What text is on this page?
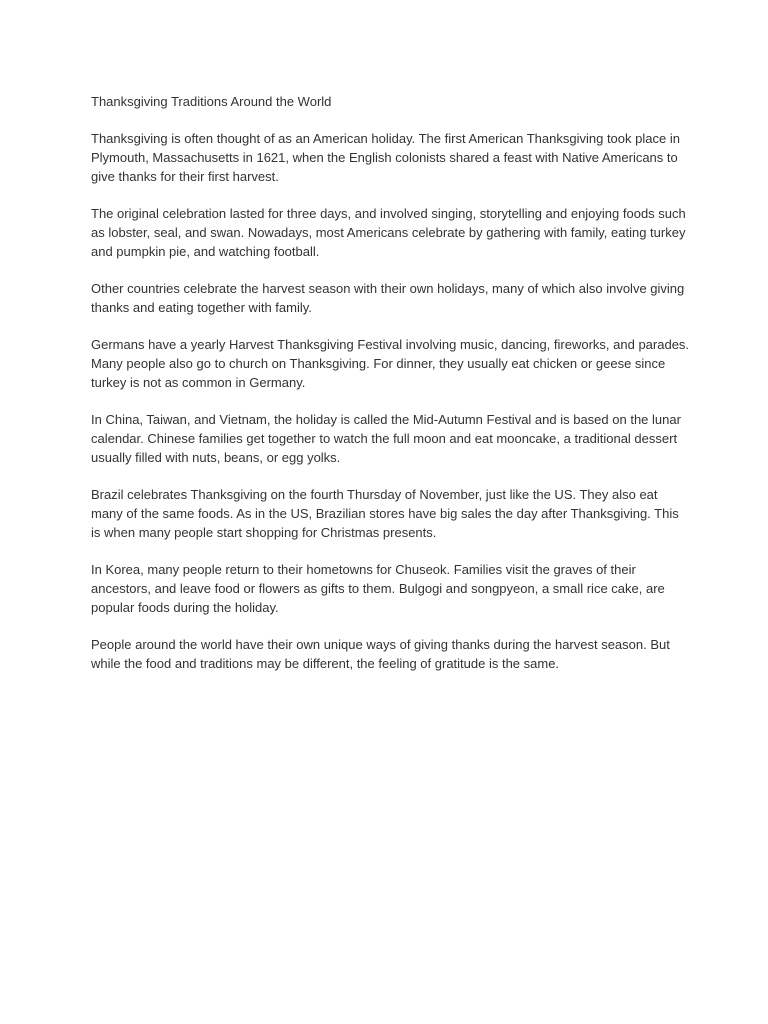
Thanksgiving Traditions Around the World

Thanksgiving is often thought of as an American holiday. The first American Thanksgiving took place in Plymouth, Massachusetts in 1621, when the English colonists shared a feast with Native Americans to give thanks for their first harvest.

The original celebration lasted for three days, and involved singing, storytelling and enjoying foods such as lobster, seal, and swan. Nowadays, most Americans celebrate by gathering with family, eating turkey and pumpkin pie, and watching football.

Other countries celebrate the harvest season with their own holidays, many of which also involve giving thanks and eating together with family.

Germans have a yearly Harvest Thanksgiving Festival involving music, dancing, fireworks, and parades. Many people also go to church on Thanksgiving. For dinner, they usually eat chicken or geese since turkey is not as common in Germany.

In China, Taiwan, and Vietnam, the holiday is called the Mid-Autumn Festival and is based on the lunar calendar. Chinese families get together to watch the full moon and eat mooncake, a traditional dessert usually filled with nuts, beans, or egg yolks.

Brazil celebrates Thanksgiving on the fourth Thursday of November, just like the US. They also eat many of the same foods. As in the US, Brazilian stores have big sales the day after Thanksgiving. This is when many people start shopping for Christmas presents.

In Korea, many people return to their hometowns for Chuseok. Families visit the graves of their ancestors, and leave food or flowers as gifts to them. Bulgogi and songpyeon, a small rice cake, are popular foods during the holiday.

People around the world have their own unique ways of giving thanks during the harvest season. But while the food and traditions may be different, the feeling of gratitude is the same.
